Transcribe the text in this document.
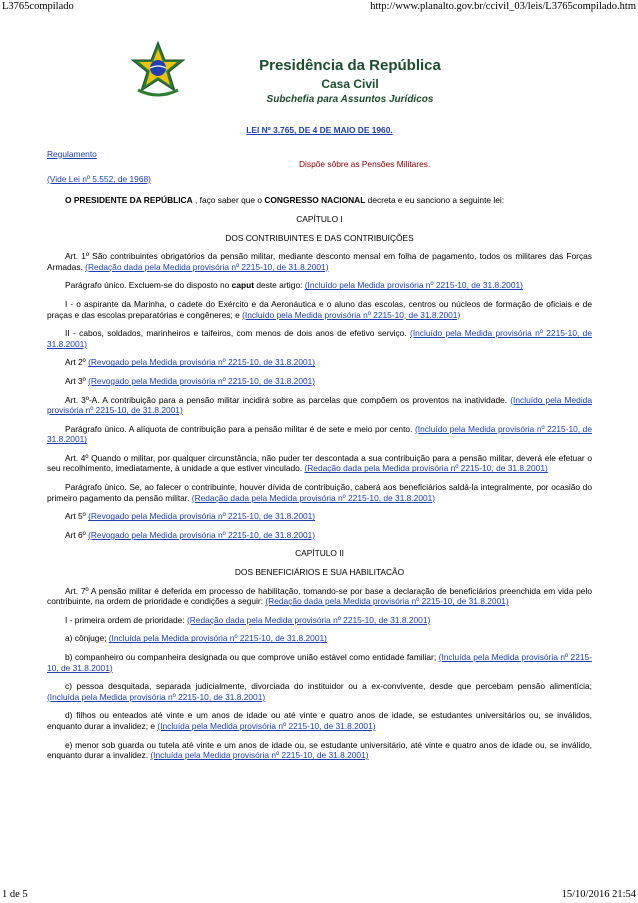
L3765compilado	http://www.planalto.gov.br/ccivil_03/leis/L3765compilado.htm
Presidência da República
Casa Civil
Subchefia para Assuntos Jurídicos

LEI Nº 3.765, DE 4 DE MAIO DE 1960.

Regulamento

Dispõe sôbre as Pensões Militares.

(Vide Lei nº 5.552, de 1968)

O PRESIDENTE DA REPÚBLICA , faço saber que o CONGRESSO NACIONAL decreta e eu sanciono a seguinte lei:

CAPÍTULO I

DOS CONTRIBUINTES E DAS CONTRIBUIÇÕES

Art. 1º São contribuintes obrigatórios da pensão militar, mediante desconto mensal em folha de pagamento, todos os militares das Forças Armadas. (Redação dada pela Medida provisória nº 2215-10, de 31.8.2001)

Parágrafo único. Excluem-se do disposto no caput deste artigo: (Incluído pela Medida provisória nº 2215-10, de 31.8.2001)

I - o aspirante da Marinha, o cadete do Exército e da Aeronáutica e o aluno das escolas, centros ou núcleos de formação de oficiais e de praças e das escolas preparatórias e congêneres; e (Incluído pela Medida provisória nº 2215-10, de 31.8.2001)

II - cabos, soldados, marinheiros e taifeiros, com menos de dois anos de efetivo serviço. (Incluído pela Medida provisória nº 2215-10, de 31.8.2001)

Art 2º (Revogado pela Medida provisória nº 2215-10, de 31.8.2001)

Art 3º (Revogado pela Medida provisória nº 2215-10, de 31.8.2001)

Art. 3º-A. A contribuição para a pensão militar incidirá sobre as parcelas que compõem os proventos na inatividade. (Incluído pela Medida provisória nº 2215-10, de 31.8.2001)

Parágrafo único. A alíquota de contribuição para a pensão militar é de sete e meio por cento. (Incluído pela Medida provisória nº 2215-10, de 31.8.2001)

Art. 4º Quando o militar, por qualquer circunstância, não puder ter descontada a sua contribuição para a pensão militar, deverá ele efetuar o seu recolhimento, imediatamente, à unidade a que estiver vinculado. (Redação dada pela Medida provisória nº 2215-10, de 31.8.2001)

Parágrafo único. Se, ao falecer o contribuinte, houver dívida de contribuição, caberá aos beneficiários saldá-la integralmente, por ocasião do primeiro pagamento da pensão militar. (Redação dada pela Medida provisória nº 2215-10, de 31.8.2001)

Art 5º (Revogado pela Medida provisória nº 2215-10, de 31.8.2001)

Art 6º (Revogado pela Medida provisória nº 2215-10, de 31.8.2001)

CAPÍTULO II

DOS BENEFICIÁRIOS E SUA HABILITACÃO

Art. 7º A pensão militar é deferida em processo de habilitação, tomando-se por base a declaração de beneficiários preenchida em vida pelo contribuinte, na ordem de prioridade e condições a seguir: (Redação dada pela Medida provisória nº 2215-10, de 31.8.2001)

I - primeira ordem de prioridade: (Redação dada pela Medida provisória nº 2215-10, de 31.8.2001)

a) cônjuge; (Incluída pela Medida provisória nº 2215-10, de 31.8.2001)

b) companheiro ou companheira designada ou que comprove união estável como entidade familiar; (Incluída pela Medida provisória nº 2215-10, de 31.8.2001)

c) pessoa desquitada, separada judicialmente, divorciada do instituidor ou a ex-convivente, desde que percebam pensão alimentícia; (Incluída pela Medida provisória nº 2215-10, de 31.8.2001)

d) filhos ou enteados até vinte e um anos de idade ou até vinte e quatro anos de idade, se estudantes universitários ou, se inválidos, enquanto durar a invalidez; e (Incluída pela Medida provisória nº 2215-10, de 31.8.2001)

e) menor sob guarda ou tutela até vinte e um anos de idade ou, se estudante universitário, até vinte e quatro anos de idade ou, se inválido, enquanto durar a invalidez. (Incluída pela Medida provisória nº 2215-10, de 31.8.2001)

1 de 5	15/10/2016 21:54
